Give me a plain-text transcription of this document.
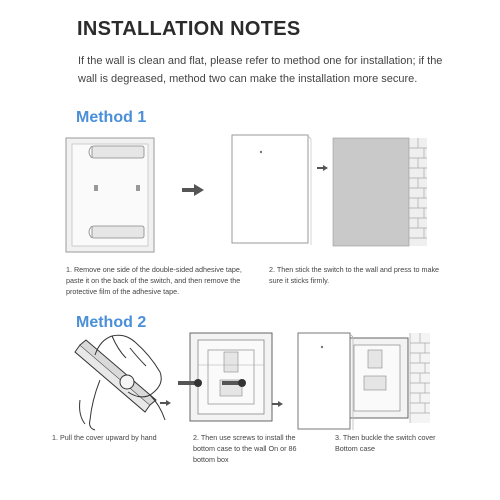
INSTALLATION NOTES
If the wall is clean and flat, please refer to method one for installation; if the wall is degreased, method two can make the installation more secure.
Method 1
Method 2
1. Remove one side of the double-sided adhesive tape, paste it on the back of the switch, and then remove the protective film of the adhesive tape.
2. Then stick the switch to the wall and press to make sure it sticks firmly.
1. Pull the cover upward by hand	2. Then use screws to install the bottom case to the wall On or 86 bottom box
3. Then buckle the switch cover Bottom case
